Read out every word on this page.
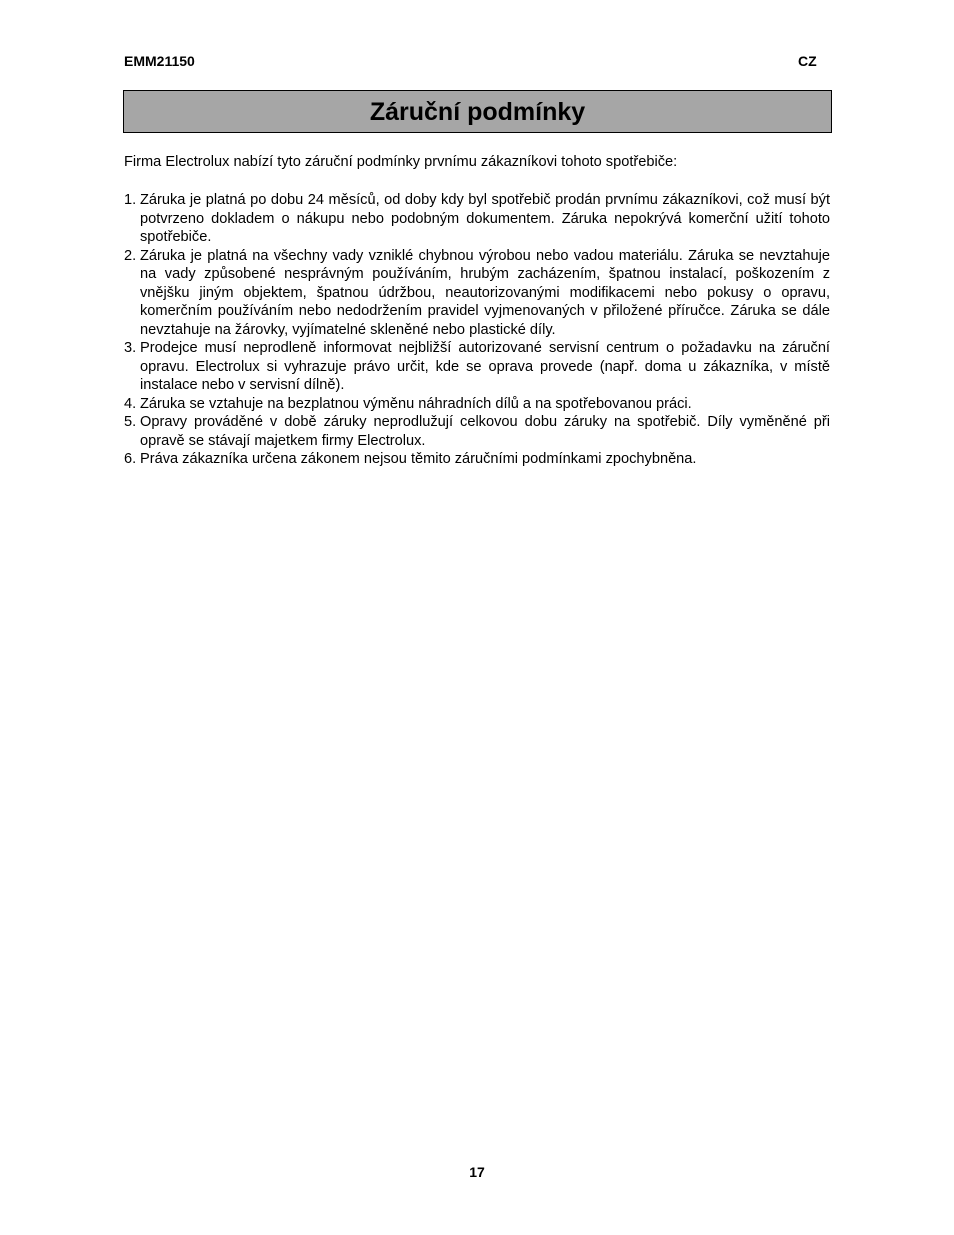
EMM21150	CZ
Záruční podmínky
Firma Electrolux nabízí tyto záruční podmínky prvnímu zákazníkovi tohoto spotřebiče:
1. Záruka je platná po dobu 24 měsíců, od doby kdy byl spotřebič prodán prvnímu zákazníkovi, což musí být potvrzeno dokladem o nákupu nebo podobným dokumentem. Záruka nepokrývá komerční užití tohoto spotřebiče.
2. Záruka je platná na všechny vady vzniklé chybnou výrobou nebo vadou materiálu. Záruka se nevztahuje na vady způsobené nesprávným používáním, hrubým zacházením, špatnou instalací, poškozením z vnějšku jiným objektem, špatnou údržbou, neautorizovanými modifikacemi nebo pokusy o opravu, komerčním používáním nebo nedodržením pravidel vyjmenovaných v přiložené příručce. Záruka se dále nevztahuje na žárovky, vyjímatelné skleněné nebo plastické díly.
3. Prodejce musí neprodleně informovat nejbližší autorizované servisní centrum o požadavku na záruční opravu. Electrolux si vyhrazuje právo určit, kde se oprava provede (např. doma u zákazníka, v místě instalace nebo v servisní dílně).
4. Záruka se vztahuje na bezplatnou výměnu náhradních dílů a na spotřebovanou práci.
5. Opravy prováděné v době záruky neprodlužují celkovou dobu záruky na spotřebič. Díly vyměněné při opravě se stávají majetkem firmy Electrolux.
6. Práva zákazníka určena zákonem nejsou těmito záručními podmínkami zpochybněna.
17
